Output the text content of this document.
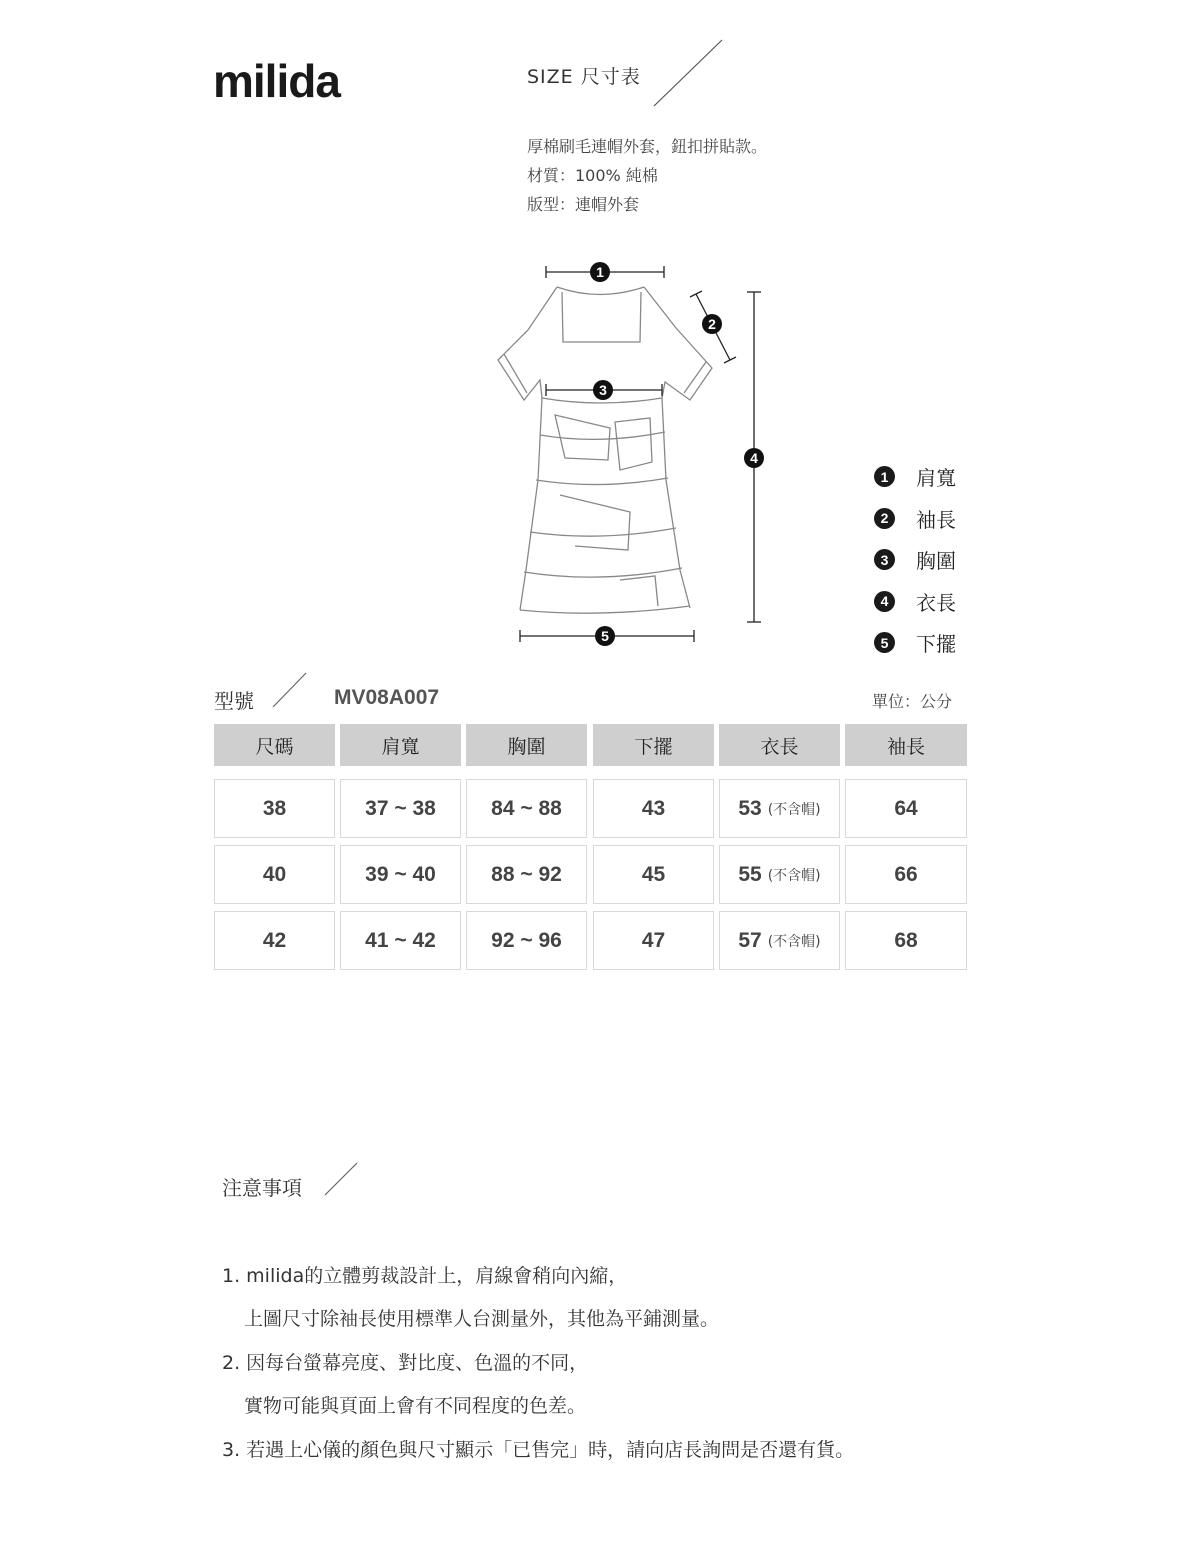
milida	SIZE 尺寸表
厚棉刷毛連帽外套，鈕扣拼貼款。
材質：100% 純棉
版型：連帽外套
1
2
3
4
5
1	肩寬
2	袖長
3	胸圍
4	衣長
5	下擺
型號	MV08A007	單位：公分
尺碼	肩寬	胸圍	下擺	衣長	袖長
38	37 ~ 38	84 ~ 88	43	53 (不含帽)	64
40	39 ~ 40	88 ~ 92	45	55 (不含帽)	66
42	41 ~ 42	92 ~ 96	47	57 (不含帽)	68
注意事項
1. milida的立體剪裁設計上，肩線會稍向內縮，
上圖尺寸除袖長使用標準人台測量外，其他為平鋪測量。
2. 因每台螢幕亮度、對比度、色溫的不同，
實物可能與頁面上會有不同程度的色差。
3. 若遇上心儀的顏色與尺寸顯示「已售完」時，請向店長詢問是否還有貨。
